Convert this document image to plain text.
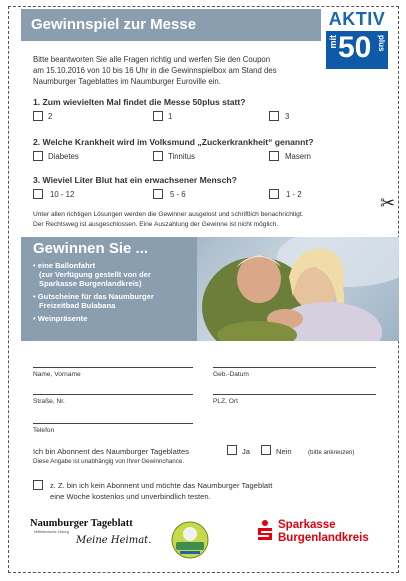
Gewinnspiel zur Messe	AKTIV
mit 50 plus
Bitte beantworten Sie alle Fragen richtig und werfen Sie den Coupon
am 15.10.2016 von 10 bis 16 Uhr in die Gewinnspielbox am Stand des
Naumburger Tageblattes im Naumburger Euroville ein.
1. Zum wievielten Mal findet die Messe 50plus statt?
2	1	3
2. Welche Krankheit wird im Volksmund „Zuckerkrankheit“ genannt?
Diabetes	Tinnitus	Masern
3. Wieviel Liter Blut hat ein erwachsener Mensch?
10 - 12	5 - 6	1 - 2
Unter allen richtigen Lösungen werden die Gewinner ausgelost und schriftlich benachrichtigt.
Der Rechtsweg ist ausgeschlossen. Eine Auszahlung der Gewinne ist nicht möglich.
✂
Gewinnen Sie ...
• eine Ballonfahrt
(zur Verfügung gestellt von der
Sparkasse Burgenlandkreis)
• Gutscheine für das Naumburger
Freizeitbad Bulabana
• Weinpräsente
Name, Vorname	Geb.-Datum
Straße, Nr.	PLZ, Ort
Telefon
Ich bin Abonnent des Naumburger Tageblattes	Ja	Nein	(bitte ankreuzen)
Diese Angabe ist unabhängig von Ihrer Gewinnchance.
z. Z. bin ich kein Abonnent und möchte das Naumburger Tageblatt
eine Woche kostenlos und unverbindlich testen.
Naumburger Tageblatt
Mitteldeutsche Zeitung
Meine Heimat.
Sparkasse
Burgenlandkreis
